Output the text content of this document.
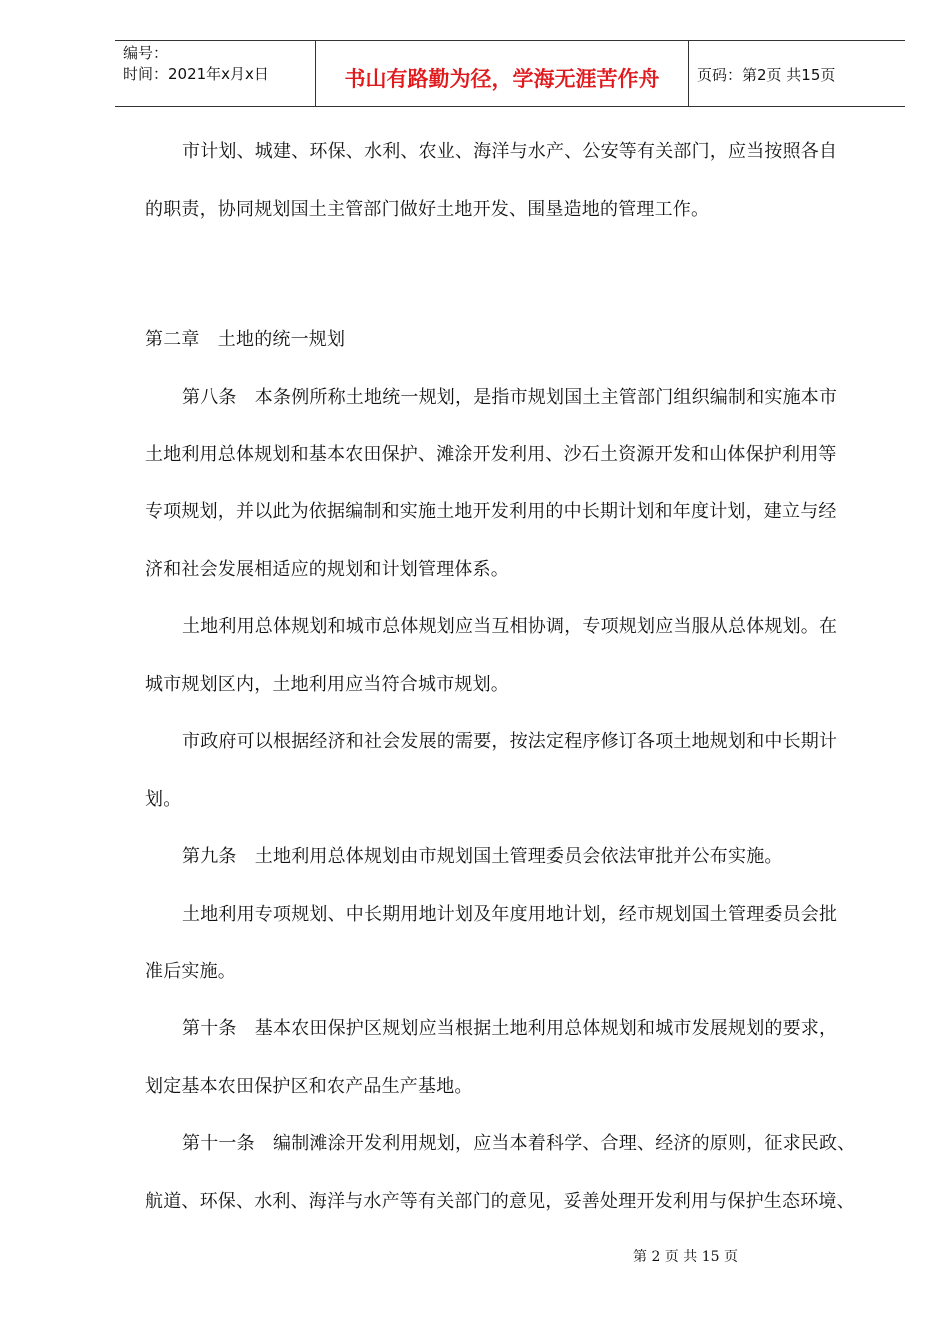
编号：
时间：2021年x月x日	书山有路勤为径，学海无涯苦作舟	页码：第2页 共15页
市计划、城建、环保、水利、农业、海洋与水产、公安等有关部门，应当按照各自
的职责，协同规划国土主管部门做好土地开发、围垦造地的管理工作。
第二章　土地的统一规划
第八条　本条例所称土地统一规划，是指市规划国土主管部门组织编制和实施本市
土地利用总体规划和基本农田保护、滩涂开发利用、沙石土资源开发和山体保护利用等
专项规划，并以此为依据编制和实施土地开发利用的中长期计划和年度计划，建立与经
济和社会发展相适应的规划和计划管理体系。
土地利用总体规划和城市总体规划应当互相协调，专项规划应当服从总体规划。在
城市规划区内，土地利用应当符合城市规划。
市政府可以根据经济和社会发展的需要，按法定程序修订各项土地规划和中长期计
划。
第九条　土地利用总体规划由市规划国土管理委员会依法审批并公布实施。
土地利用专项规划、中长期用地计划及年度用地计划，经市规划国土管理委员会批
准后实施。
第十条　基本农田保护区规划应当根据土地利用总体规划和城市发展规划的要求，
划定基本农田保护区和农产品生产基地。
第十一条　编制滩涂开发利用规划，应当本着科学、合理、经济的原则，征求民政、
航道、环保、水利、海洋与水产等有关部门的意见，妥善处理开发利用与保护生态环境、
第 2 页 共 15 页
